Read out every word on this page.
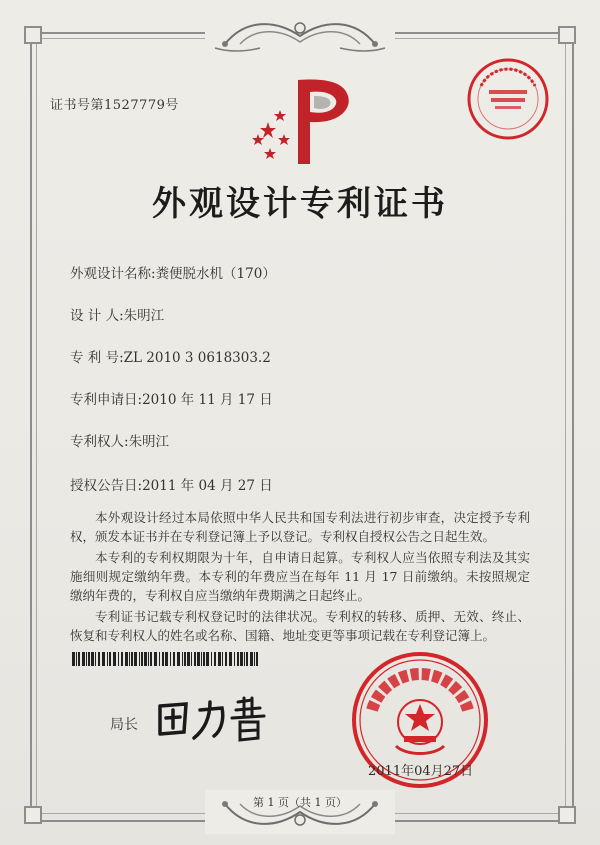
证书号第1527779号
外观设计专利证书
外观设计名称:粪便脱水机（170）
设 计 人:朱明江
专 利 号:ZL 2010 3 0618303.2
专利申请日:2010 年 11 月 17 日
专利权人:朱明江
授权公告日:2011 年 04 月 27 日

本外观设计经过本局依照中华人民共和国专利法进行初步审查，决定授予专利权，颁发本证书并在专利登记簿上予以登记。专利权自授权公告之日起生效。

本专利的专利权期限为十年，自申请日起算。专利权人应当依照专利法及其实施细则规定缴纳年费。本专利的年费应当在每年 11 月 17 日前缴纳。未按照规定缴纳年费的，专利权自应当缴纳年费期满之日起终止。

专利证书记载专利权登记时的法律状况。专利权的转移、质押、无效、终止、恢复和专利权人的姓名或名称、国籍、地址变更等事项记载在专利登记簿上。

局长
2011年04月27日
第 1 页（共 1 页）
